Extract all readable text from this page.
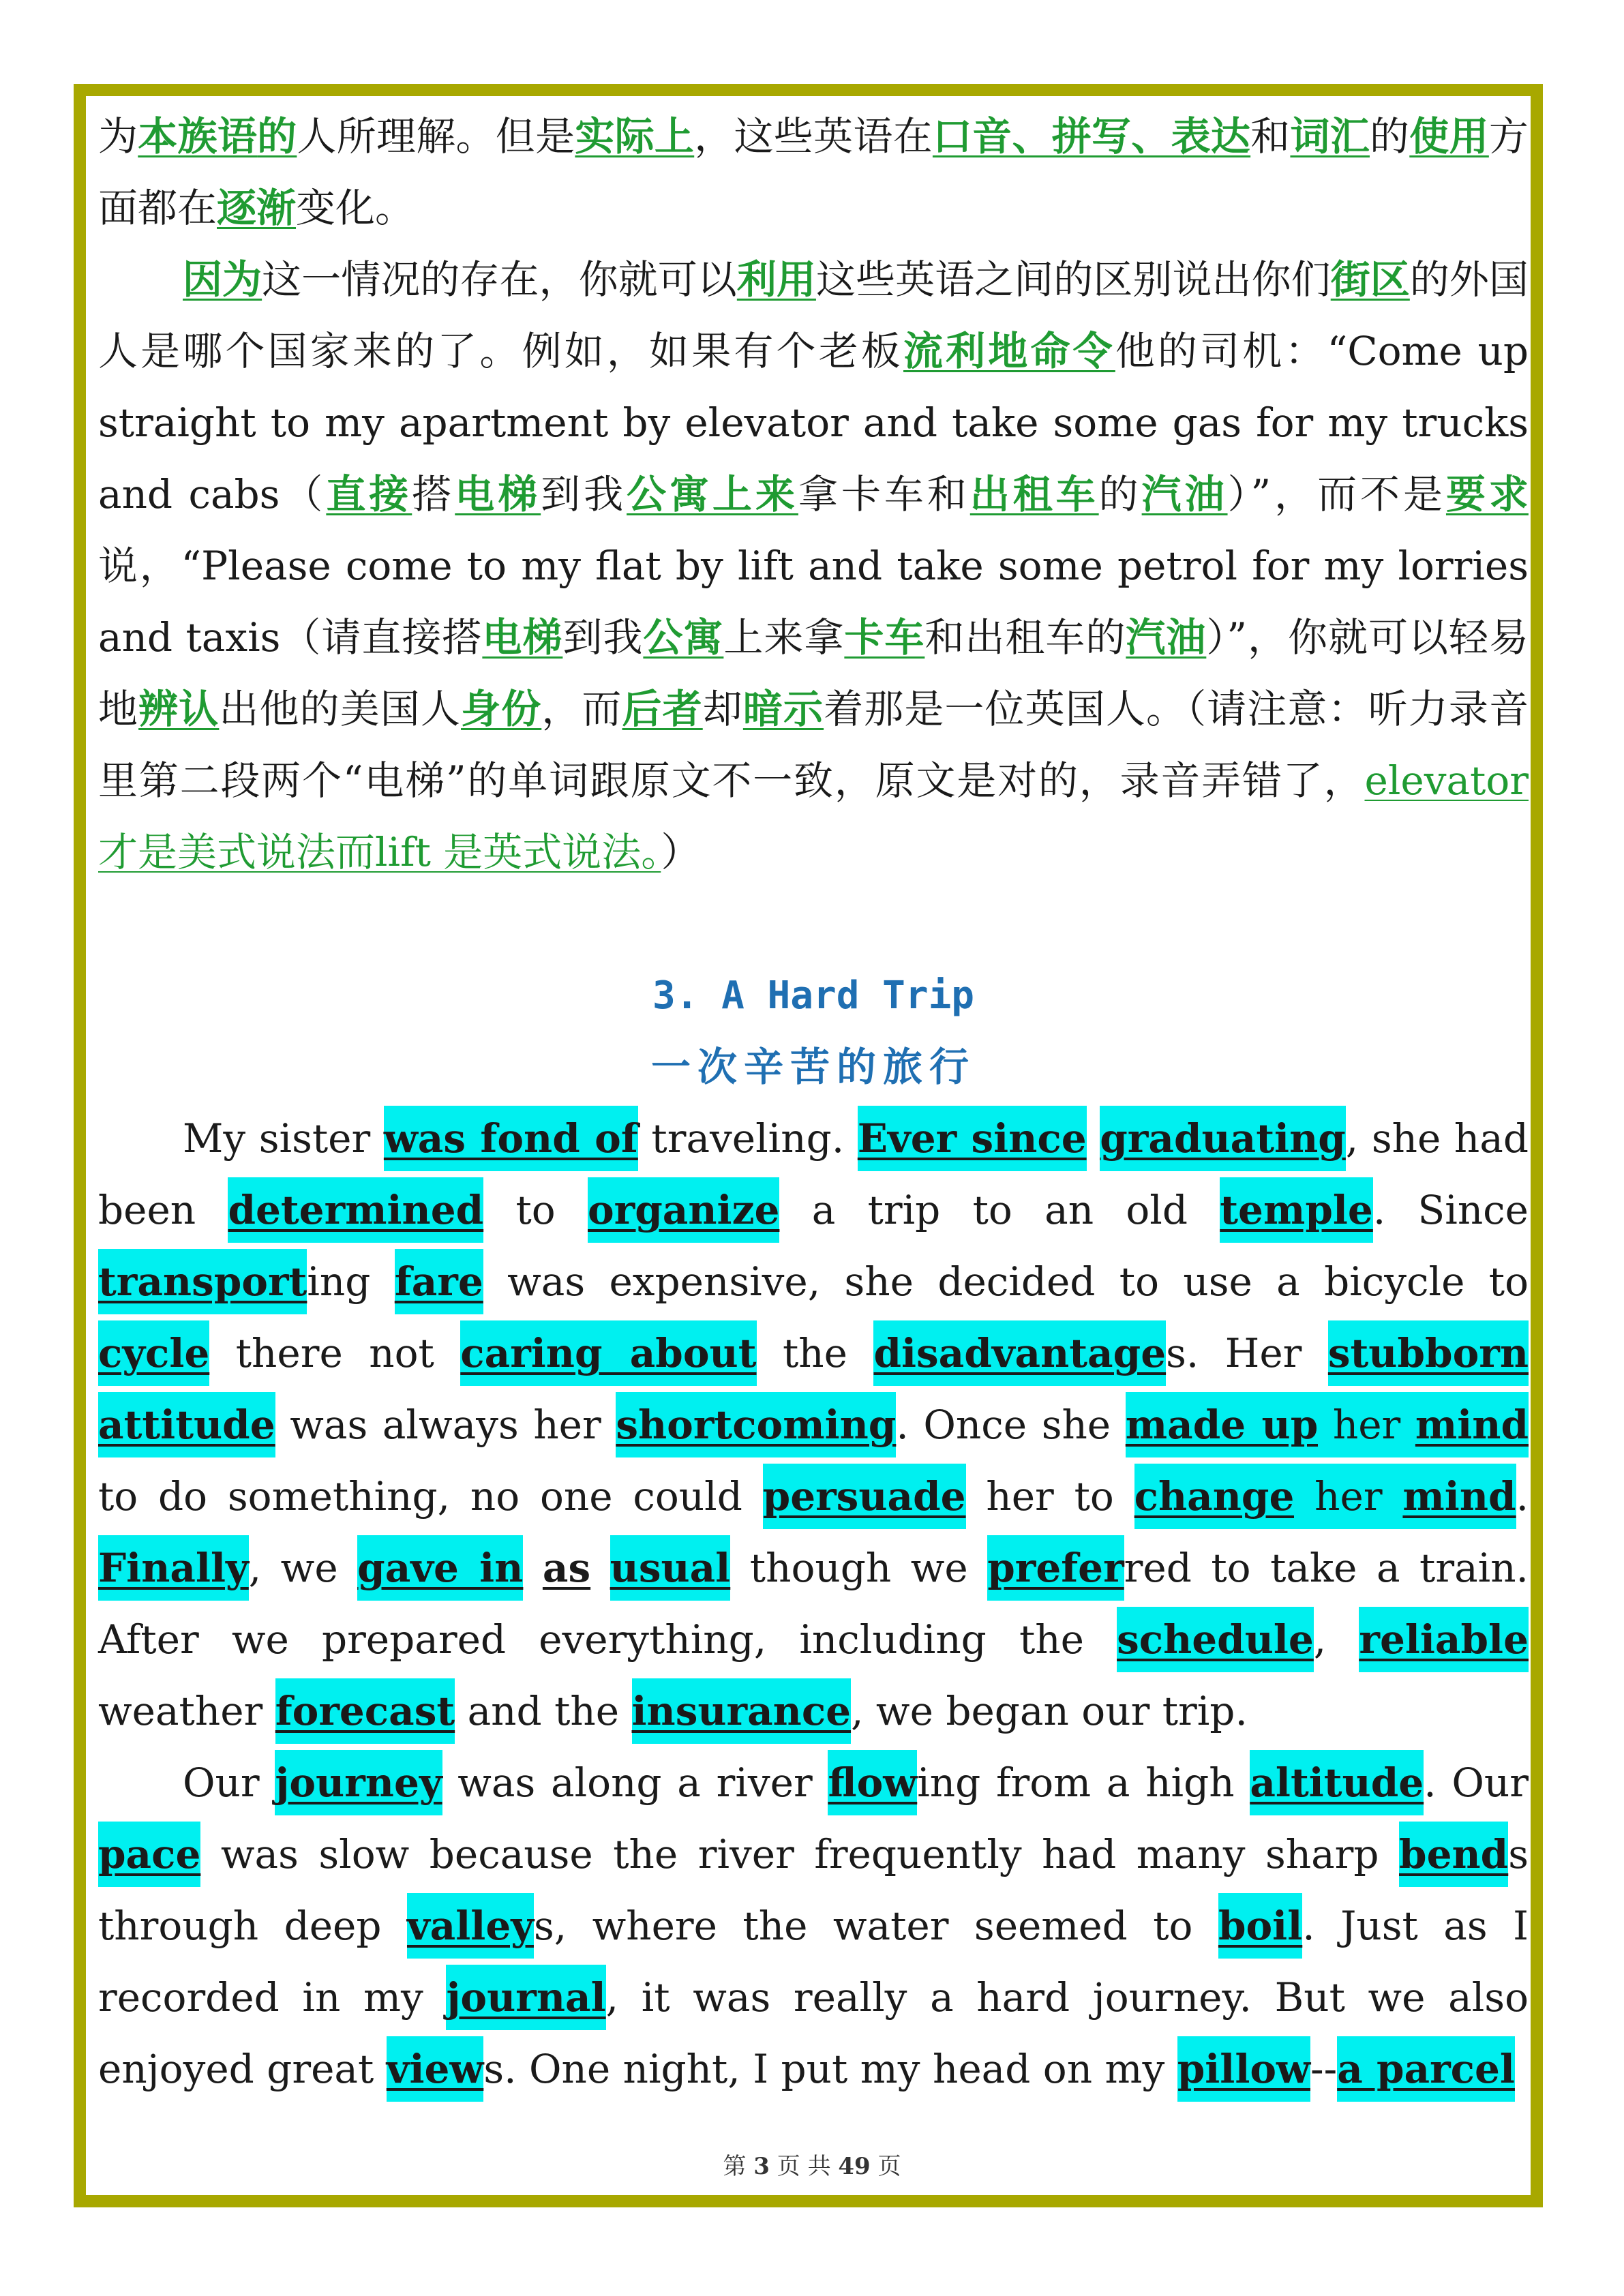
为本族语的人所理解。但是实际上，这些英语在口音、拼写、表达和词汇的使用方面都在逐渐变化。

因为这一情况的存在，你就可以利用这些英语之间的区别说出你们街区的外国人是哪个国家来的了。例如，如果有个老板流利地命令他的司机：“Come up straight to my apartment by elevator and take some gas for my trucks and cabs（直接搭电梯到我公寓上来拿卡车和出租车的汽油）”，而不是要求说，“Please come to my flat by lift and take some petrol for my lorries and taxis（请直接搭电梯到我公寓上来拿卡车和出租车的汽油）”，你就可以轻易地辨认出他的美国人身份，而后者却暗示着那是一位英国人。（请注意：听力录音里第二段两个“电梯”的单词跟原文不一致，原文是对的，录音弄错了，elevator 才是美式说法而lift 是英式说法。）

3. A Hard Trip

一次辛苦的旅行

My sister was fond of traveling. Ever since graduating, she had been determined to organize a trip to an old temple. Since transporting fare was expensive, she decided to use a bicycle to cycle there not caring about the disadvantages. Her stubborn attitude was always her shortcoming. Once she made up her mind to do something, no one could persuade her to change her mind. Finally, we gave in as usual though we preferred to take a train. After we prepared everything, including the schedule, reliable weather forecast and the insurance, we began our trip.

Our journey was along a river flowing from a high altitude. Our pace was slow because the river frequently had many sharp bends through deep valleys, where the water seemed to boil. Just as I recorded in my journal, it was really a hard journey. But we also enjoyed great views. One night, I put my head on my pillow--a parcel

第 3 页 共 49 页
